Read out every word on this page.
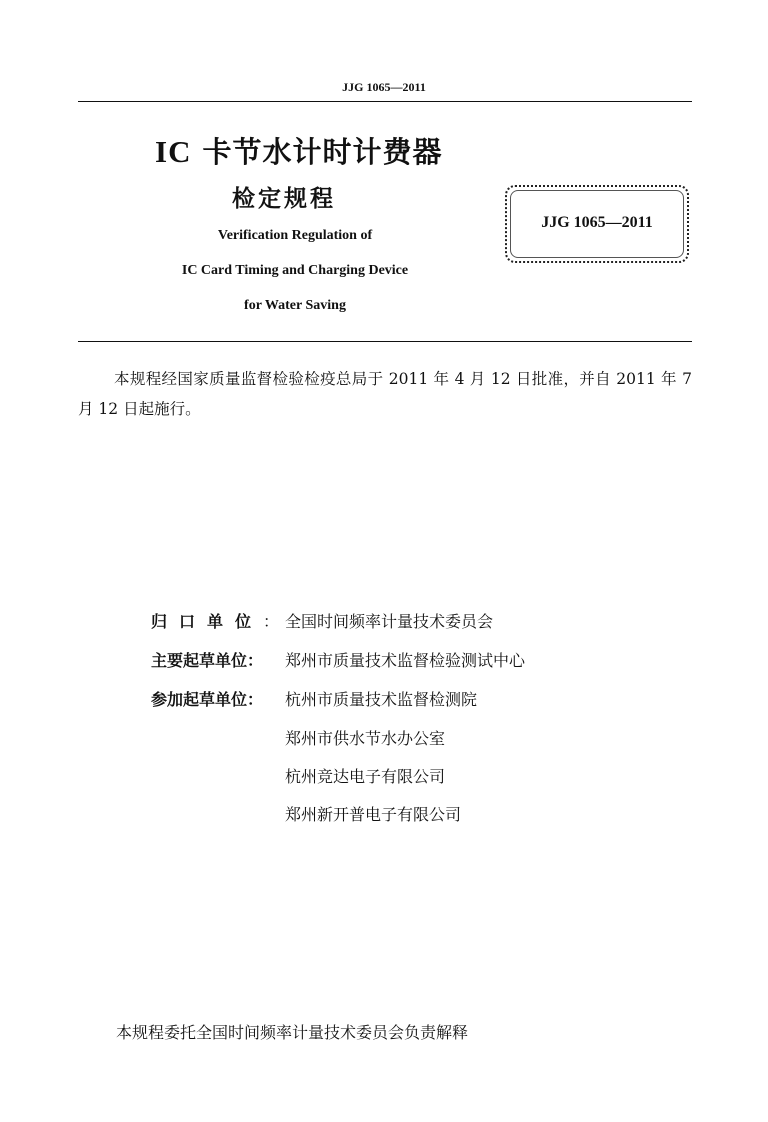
JJG 1065—2011
IC 卡节水计时计费器
检定规程
Verification Regulation of
IC Card Timing and Charging Device
for Water Saving
JJG 1065—2011
本规程经国家质量监督检验检疫总局于 2011 年 4 月 12 日批准，并自 2011 年 7 月 12 日起施行。
归 口 单 位 ： 全国时间频率计量技术委员会
主要起草单位： 郑州市质量技术监督检验测试中心
参加起草单位： 杭州市质量技术监督检测院
郑州市供水节水办公室
杭州竞达电子有限公司
郑州新开普电子有限公司
本规程委托全国时间频率计量技术委员会负责解释
